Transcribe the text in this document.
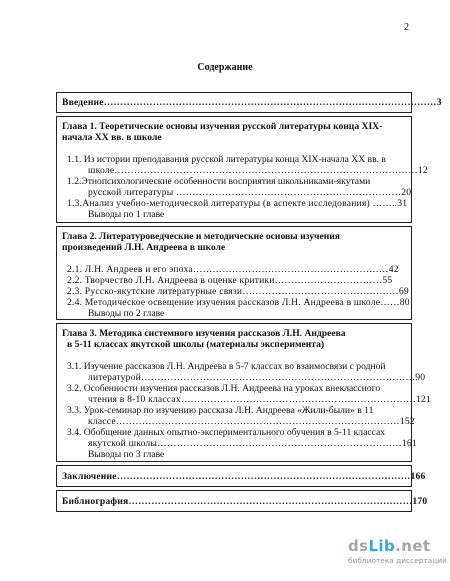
2
Содержание
Введение…………………………………………………………………………………………3
Глава 1. Теоретические основы изучения русской литературы конца XIX-
начала XX вв. в школе
1.1. Из истории преподавания русской литературы конца XIX-начала XX вв. в
школе…………………………………………………………………………………12
1.2.Этнопсихологические особенности восприятия школьниками-якутами
русской литературы ……………………………………………………………20
1.3.Анализ учебно-методической литературы (в аспекте исследования) ……..31
Выводы по 1 главе
Глава 2. Литературоведческие и методические основы изучения
произведений Л.Н. Андреева в школе
2.1. Л.Н. Андреев и его эпоха……………………………………………………42
2.2. Творчество Л.Н. Андреева в оценке критики……………………………55
2.3. Русско-якутские литературные связи…………………………………………69
2.4. Методическое освещение изучения рассказов Л.Н. Андреева в школе……80
Выводы по 2 главе
Глава 3. Методика системного изучения рассказов Л.Н. Андреева
в 5-11 классах якутской школы (материалы эксперимента)
3.1. Изучение рассказов Л.Н. Андреева в 5-7 классах во взаимосвязи с родной
литературой…………………………………………………………………………90
3.2. Особенности изучения рассказов Л.Н. Андреева на уроках внеклассного
чтения в 8-10 классах………………………………………………………………121
3.3. Урок-семинар по изучению рассказа Л.Н. Андреева «Жили-были» в 11
классе……………………………………………………………………………152
3.4. Обобщение данных опытно-экспериментального обучения в 5-11 классах
якутской школы…………………………………………………………………161
Выводы по 3 главе
Заключение………………………………………………………………………………166
Библиография……………………………………………………………………………170
dsLib.net
библиотека диссертаций
